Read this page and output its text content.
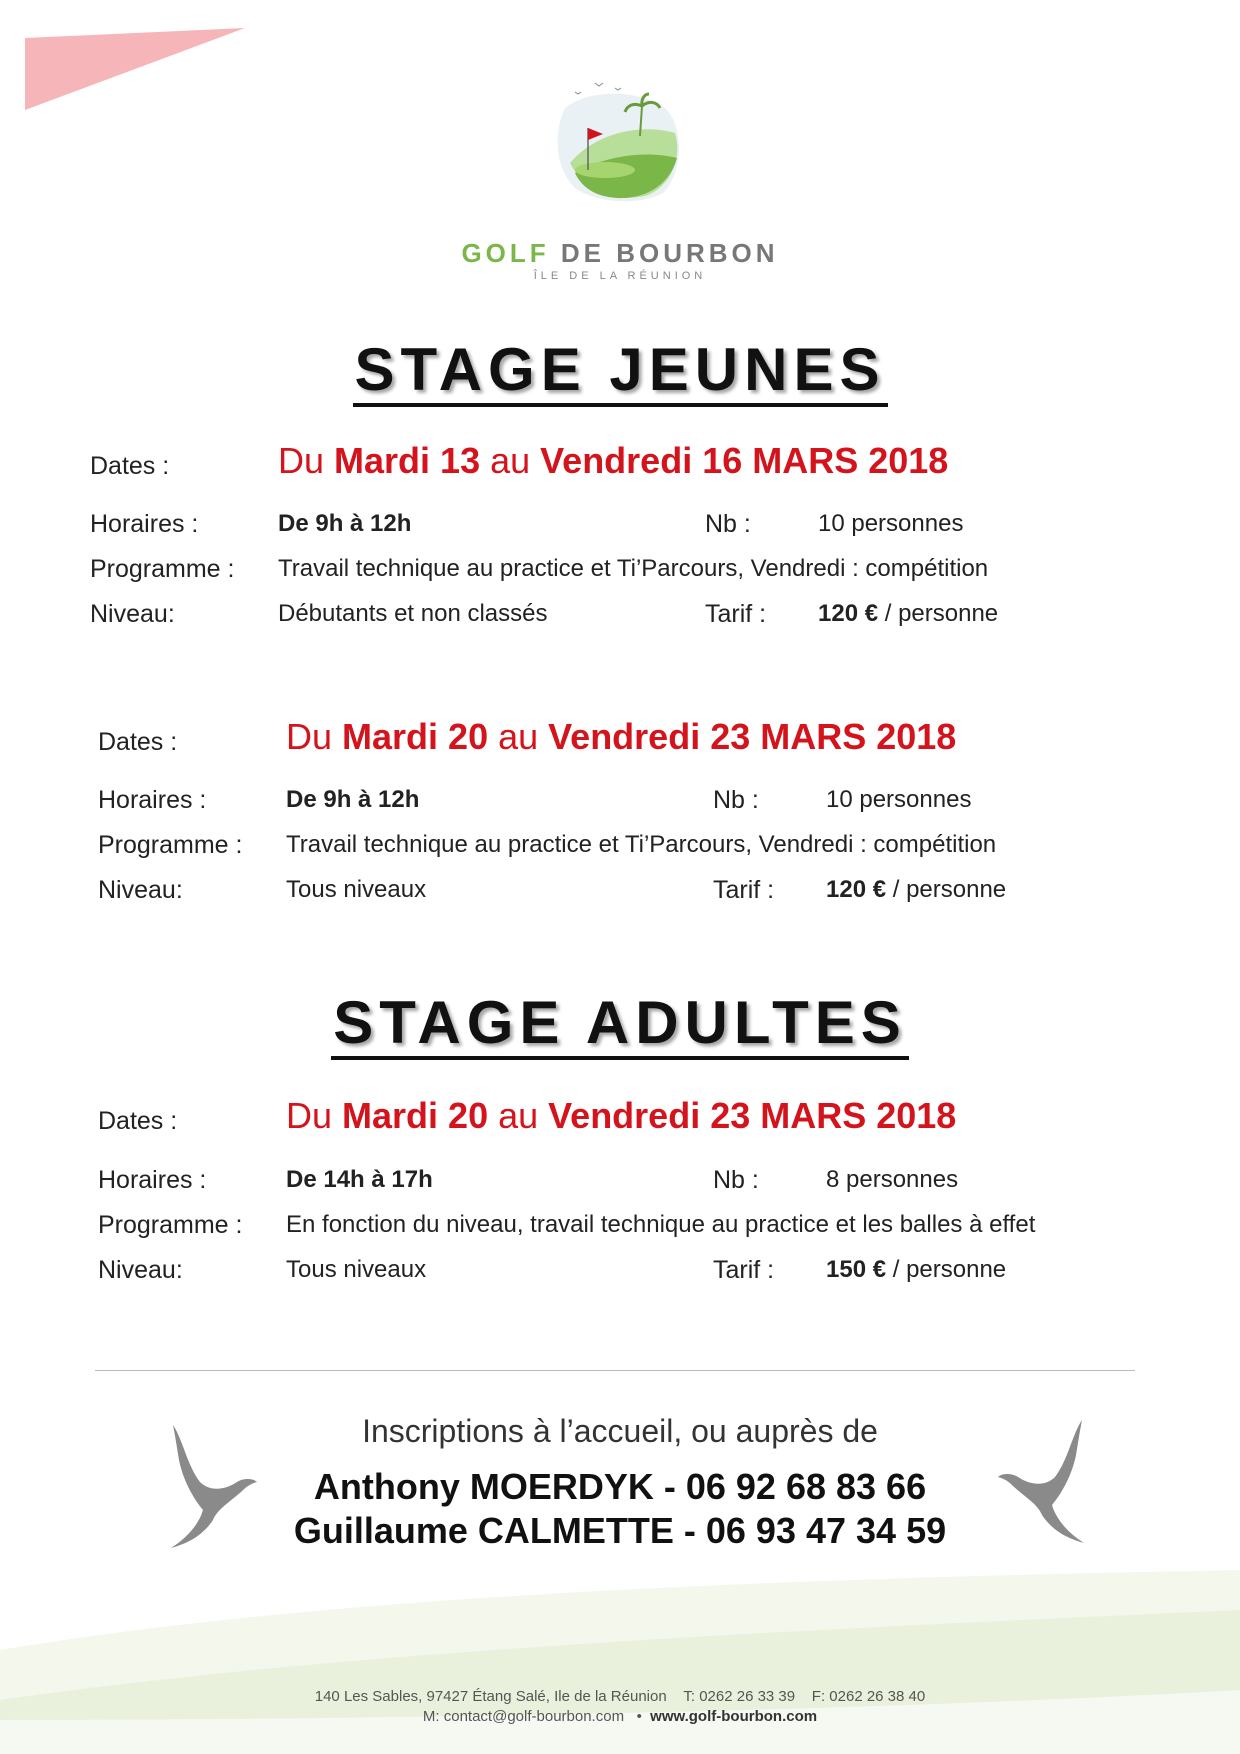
GOLF DE BOURBON
ÎLE DE LA RÉUNION
STAGE JEUNES
Dates :	Du Mardi 13 au Vendredi 16 MARS 2018
Horaires :	De 9h à 12h	Nb :	10 personnes
Programme : Travail technique au practice et Ti’Parcours, Vendredi : compétition
Niveau:	Débutants et non classés	Tarif : 120 € / personne
Dates :	Du Mardi 20 au Vendredi 23 MARS 2018
Horaires :	De 9h à 12h	Nb :	10 personnes
Programme : Travail technique au practice et Ti’Parcours, Vendredi : compétition
Niveau:	Tous niveaux	Tarif : 120 € / personne
STAGE ADULTES
Dates :	Du Mardi 20 au Vendredi 23 MARS 2018
Horaires :	De 14h à 17h	Nb :	8 personnes
Programme : En fonction du niveau, travail technique au practice et les balles à effet
Niveau:	Tous niveaux	Tarif : 150 € / personne
Inscriptions à l’accueil, ou auprès de
Anthony MOERDYK - 06 92 68 83 66
Guillaume CALMETTE - 06 93 47 34 59
140 Les Sables, 97427 Étang Salé, Ile de la Réunion T: 0262 26 33 39 F: 0262 26 38 40
M: contact@golf-bourbon.com   •  www.golf-bourbon.com
